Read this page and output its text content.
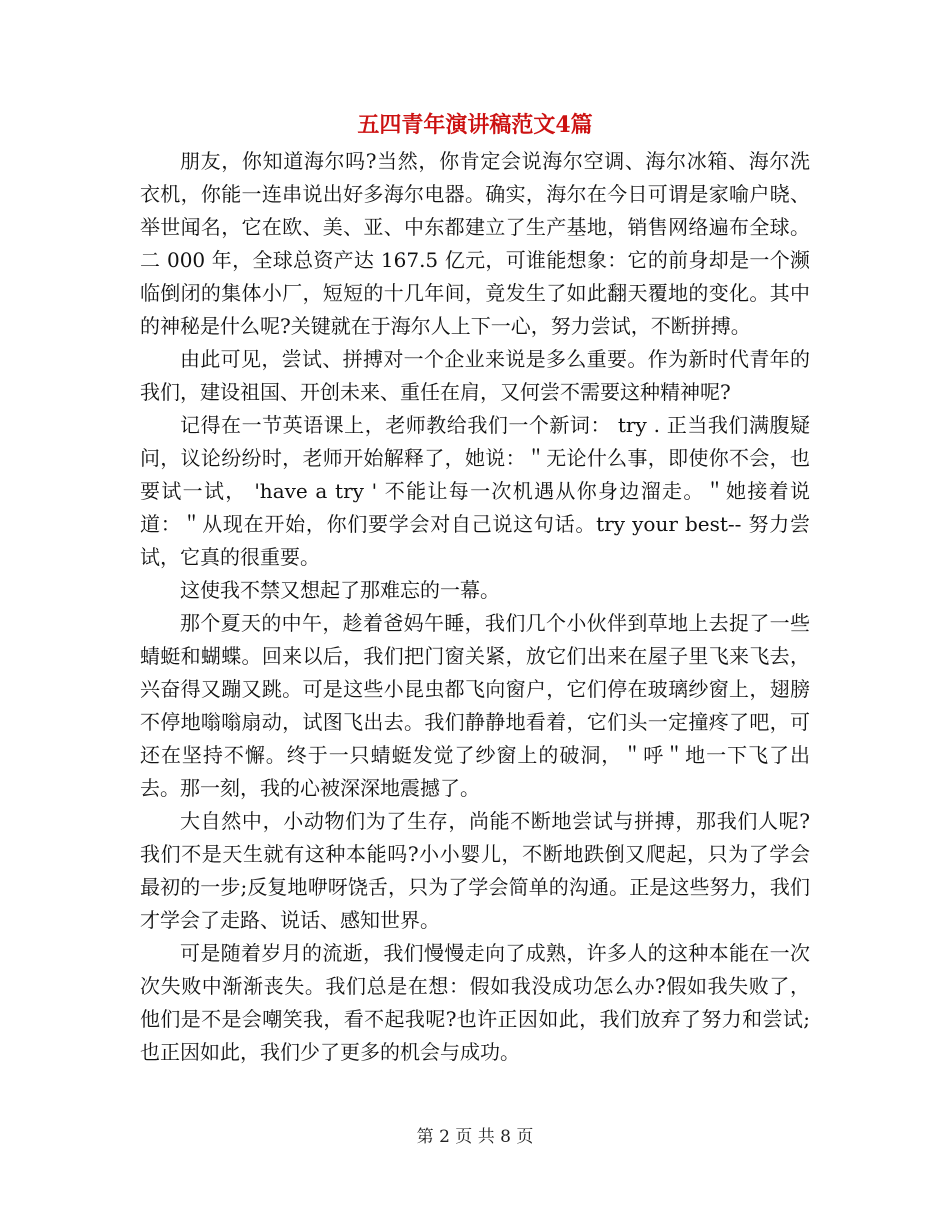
五四青年演讲稿范文4篇

朋友，你知道海尔吗?当然，你肯定会说海尔空调、海尔冰箱、海尔洗衣机，你能一连串说出好多海尔电器。确实，海尔在今日可谓是家喻户晓、举世闻名，它在欧、美、亚、中东都建立了生产基地，销售网络遍布全球。二 000 年，全球总资产达 167.5 亿元，可谁能想象：它的前身却是一个濒临倒闭的集体小厂，短短的十几年间，竟发生了如此翻天覆地的变化。其中的神秘是什么呢?关键就在于海尔人上下一心，努力尝试，不断拼搏。

由此可见，尝试、拼搏对一个企业来说是多么重要。作为新时代青年的我们，建设祖国、开创未来、重任在肩，又何尝不需要这种精神呢?

记得在一节英语课上，老师教给我们一个新词： try . 正当我们满腹疑问，议论纷纷时，老师开始解释了，她说：＂无论什么事，即使你不会，也要试一试， 'have a try ' 不能让每一次机遇从你身边溜走。＂她接着说道：＂从现在开始，你们要学会对自己说这句话。try your best-- 努力尝试，它真的很重要。

这使我不禁又想起了那难忘的一幕。

那个夏天的中午，趁着爸妈午睡，我们几个小伙伴到草地上去捉了一些蜻蜓和蝴蝶。回来以后，我们把门窗关紧，放它们出来在屋子里飞来飞去，兴奋得又蹦又跳。可是这些小昆虫都飞向窗户，它们停在玻璃纱窗上，翅膀不停地嗡嗡扇动，试图飞出去。我们静静地看着，它们头一定撞疼了吧，可还在坚持不懈。终于一只蜻蜓发觉了纱窗上的破洞，＂呼＂地一下飞了出去。那一刻，我的心被深深地震撼了。

大自然中，小动物们为了生存，尚能不断地尝试与拼搏，那我们人呢?我们不是天生就有这种本能吗?小小婴儿，不断地跌倒又爬起，只为了学会最初的一步;反复地咿呀饶舌，只为了学会简单的沟通。正是这些努力，我们才学会了走路、说话、感知世界。

可是随着岁月的流逝，我们慢慢走向了成熟，许多人的这种本能在一次次失败中渐渐丧失。我们总是在想：假如我没成功怎么办?假如我失败了，他们是不是会嘲笑我，看不起我呢?也许正因如此，我们放弃了努力和尝试;也正因如此，我们少了更多的机会与成功。

第 2 页 共 8 页
